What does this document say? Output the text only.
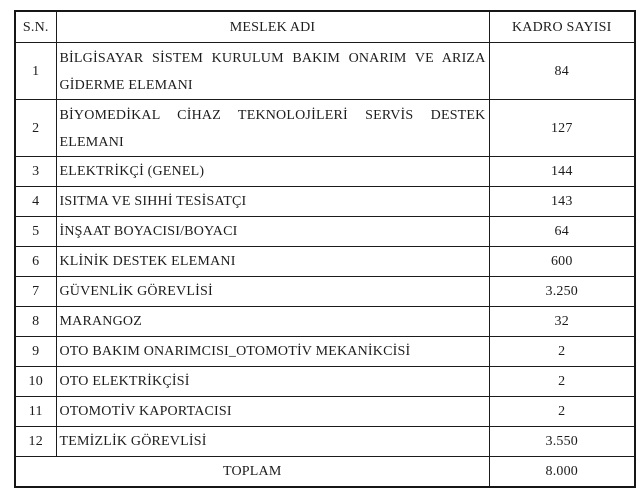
S.N.	MESLEK ADI	KADRO SAYISI
1	BİLGİSAYAR SİSTEM KURULUM BAKIM ONARIM VE ARIZA GİDERME ELEMANI	84
2	BİYOMEDİKAL CİHAZ TEKNOLOJİLERİ SERVİS DESTEK ELEMANI	127
3	ELEKTRİKÇİ (GENEL)	144
4	ISITMA VE SIHHİ TESİSATÇI	143
5	İNŞAAT BOYACISI/BOYACI	64
6	KLİNİK DESTEK ELEMANI	600
7	GÜVENLİK GÖREVLİSİ	3.250
8	MARANGOZ	32
9	OTO BAKIM ONARIMCISI_OTOMOTİV MEKANİKCİSİ	2
10	OTO ELEKTRİKÇİSİ	2
11	OTOMOTİV KAPORTACISI	2
12	TEMİZLİK GÖREVLİSİ	3.550
TOPLAM		8.000
